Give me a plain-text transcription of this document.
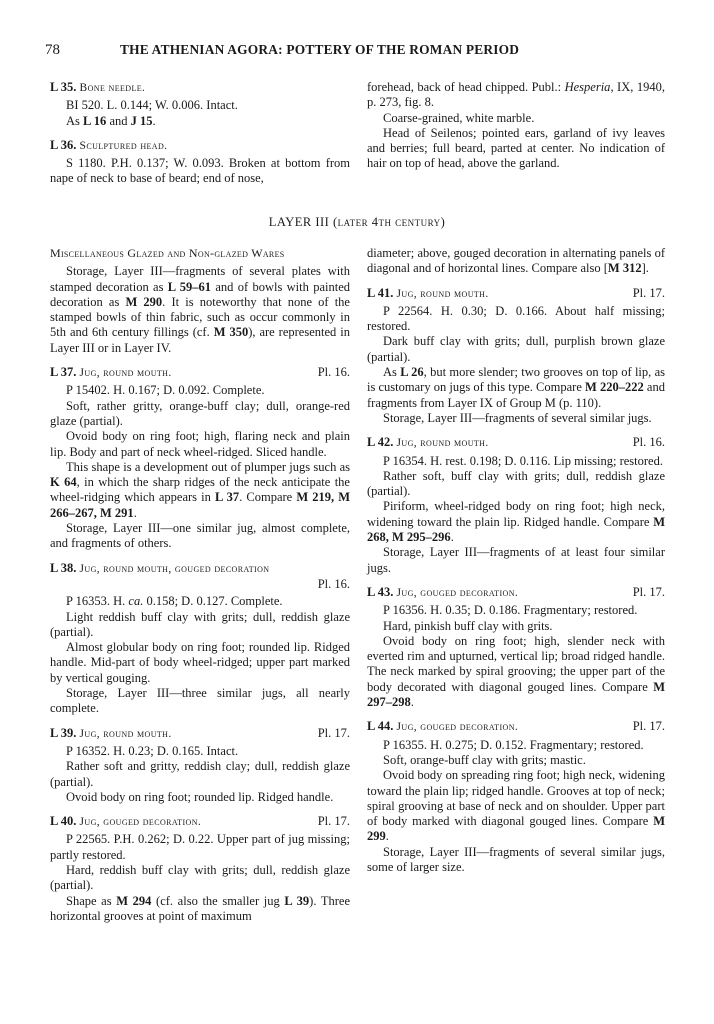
78	THE ATHENIAN AGORA: POTTERY OF THE ROMAN PERIOD
L 35. Bone needle.

BI 520. L. 0.144; W. 0.006. Intact.

As L 16 and J 15.

L 36. Sculptured head.

S 1180. P.H. 0.137; W. 0.093. Broken at bottom from nape of neck to base of beard; end of nose,

forehead, back of head chipped. Publ.: Hesperia, IX, 1940, p. 273, fig. 8.

Coarse-grained, white marble.

Head of Seilenos; pointed ears, garland of ivy leaves and berries; full beard, parted at center. No indication of hair on top of head, above the garland.

LAYER III (later 4th century)
Miscellaneous Glazed and Non-glazed Wares

Storage, Layer III—fragments of several plates with stamped decoration as L 59–61 and of bowls with painted decoration as M 290. It is noteworthy that none of the stamped bowls of thin fabric, such as occur commonly in 5th and 6th century fillings (cf. M 350), are represented in Layer III or in Layer IV.

L 37. Jug, round mouth.	Pl. 16.

P 15402. H. 0.167; D. 0.092. Complete.

Soft, rather gritty, orange-buff clay; dull, orange-red glaze (partial).

Ovoid body on ring foot; high, flaring neck and plain lip. Body and part of neck wheel-ridged. Sliced handle.

This shape is a development out of plumper jugs such as K 64, in which the sharp ridges of the neck anticipate the wheel-ridging which appears in L 37. Compare M 219, M 266–267, M 291.

Storage, Layer III—one similar jug, almost complete, and fragments of others.

L 38. Jug, round mouth, gouged decoration
Pl. 16.

P 16353. H. ca. 0.158; D. 0.127. Complete.

Light reddish buff clay with grits; dull, reddish glaze (partial).

Almost globular body on ring foot; rounded lip. Ridged handle. Mid-part of body wheel-ridged; upper part marked by vertical gouging.

Storage, Layer III—three similar jugs, all nearly complete.

L 39. Jug, round mouth.	Pl. 17.

P 16352. H. 0.23; D. 0.165. Intact.

Rather soft and gritty, reddish clay; dull, reddish glaze (partial).

Ovoid body on ring foot; rounded lip. Ridged handle.

L 40. Jug, gouged decoration.	Pl. 17.

P 22565. P.H. 0.262; D. 0.22. Upper part of jug missing; partly restored.

Hard, reddish buff clay with grits; dull, reddish glaze (partial).

Shape as M 294 (cf. also the smaller jug L 39). Three horizontal grooves at point of maximum

diameter; above, gouged decoration in alternating panels of diagonal and of horizontal lines. Compare also [M 312].

L 41. Jug, round mouth.	Pl. 17.

P 22564. H. 0.30; D. 0.166. About half missing; restored.

Dark buff clay with grits; dull, purplish brown glaze (partial).

As L 26, but more slender; two grooves on top of lip, as is customary on jugs of this type. Compare M 220–222 and fragments from Layer IX of Group M (p. 110).

Storage, Layer III—fragments of several similar jugs.

L 42. Jug, round mouth.	Pl. 16.

P 16354. H. rest. 0.198; D. 0.116. Lip missing; restored.

Rather soft, buff clay with grits; dull, reddish glaze (partial).

Piriform, wheel-ridged body on ring foot; high neck, widening toward the plain lip. Ridged handle. Compare M 268, M 295–296.

Storage, Layer III—fragments of at least four similar jugs.

L 43. Jug, gouged decoration.	Pl. 17.

P 16356. H. 0.35; D. 0.186. Fragmentary; restored.

Hard, pinkish buff clay with grits.

Ovoid body on ring foot; high, slender neck with everted rim and upturned, vertical lip; broad ridged handle. The neck marked by spiral grooving; the upper part of the body decorated with diagonal gouged lines. Compare M 297–298.

L 44. Jug, gouged decoration.	Pl. 17.

P 16355. H. 0.275; D. 0.152. Fragmentary; restored.

Soft, orange-buff clay with grits; mastic.

Ovoid body on spreading ring foot; high neck, widening toward the plain lip; ridged handle. Grooves at top of neck; spiral grooving at base of neck and on shoulder. Upper part of body marked with diagonal gouged lines. Compare M 299.

Storage, Layer III—fragments of several similar jugs, some of larger size.
